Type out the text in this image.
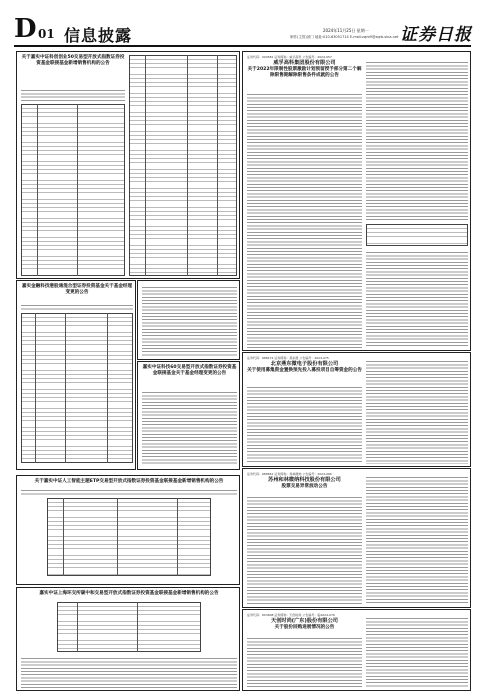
D 01 信息披露	2024年11月25日 星期一
制作(主管)部门 地址:010-63051714 E-mail:zqrb9@zqrb.sina.net 证券日报
关于嘉实中证科创创业50交易型开放式指数证券投资基金联接基金新增销售机构的公告
嘉实金融科技港股通混合型证券投资基金关于基金经理变更的公告
嘉实中证科技60交易型开放式指数证券投资基金联接基金关于基金经理变更的公告
关于嘉实中证人工智能主题ETP交易型开放式指数证券投资基金联接基金新增销售机构的公告
嘉实中证上海环交所碳中和交易型开放式指数证券投资基金联接基金新增销售机构的公告
证券代码：000581 证券简称：威孚高科 公告编号：2024-057
威孚高科集团股份有限公司
关于2022年限制性股票激励计划预留授予部分第二个解除限售期解除限售条件成就的公告
证券代码：688172 证券简称：燕东微 公告编号：2024-075
北京燕东微电子股份有限公司
关于使用募集资金置换预先投入募投项目自筹资金的公告
证券代码：688661 证券简称：和林微纳 公告编号：2024-066
苏州和林微纳科技股份有限公司
股票交易异常波动公告
证券代码：603608 证券简称：天创时尚 公告编号：临2024-076
天创时尚(广东)股份有限公司
关于股份回购进展情况的公告
